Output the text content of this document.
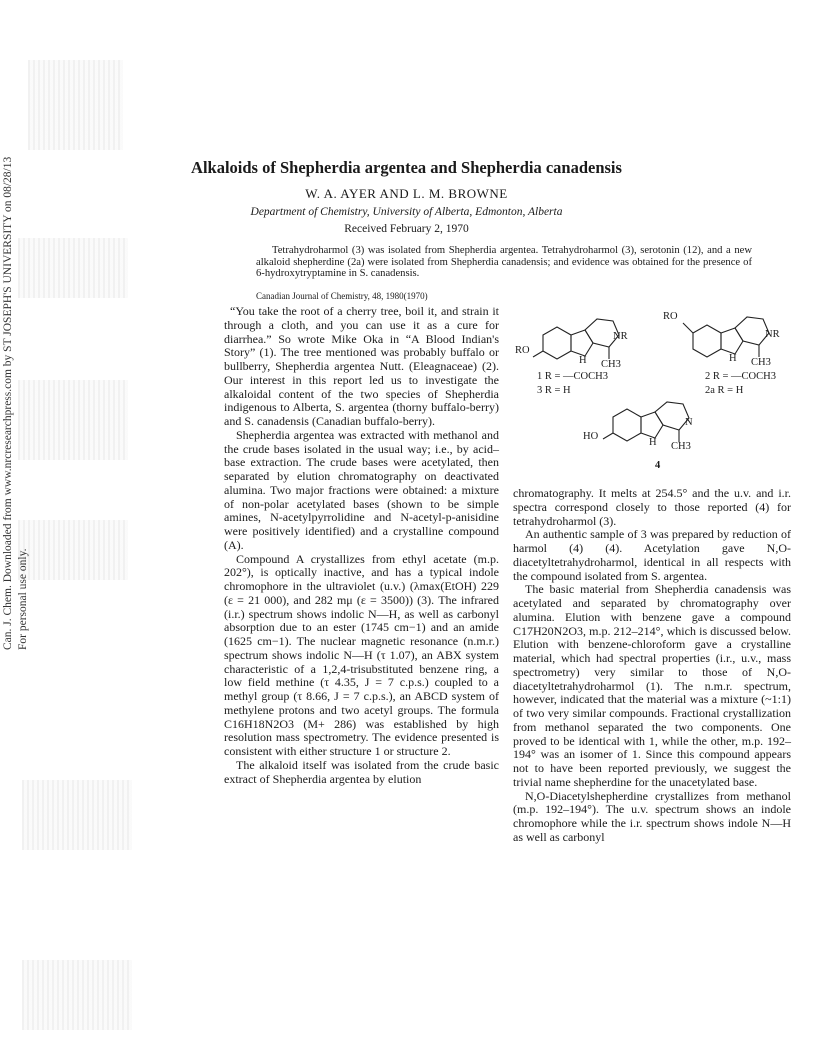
Can. J. Chem. Downloaded from www.nrcresearchpress.com by ST JOSEPH'S UNIVERSITY on 08/28/13 For personal use only.
Alkaloids of Shepherdia argentea and Shepherdia canadensis
W. A. AYER AND L. M. BROWNE
Department of Chemistry, University of Alberta, Edmonton, Alberta
Received February 2, 1970
Tetrahydroharmol (3) was isolated from Shepherdia argentea. Tetrahydroharmol (3), serotonin (12), and a new alkaloid shepherdine (2a) were isolated from Shepherdia canadensis; and evidence was obtained for the presence of 6-hydroxytryptamine in S. canadensis.
Canadian Journal of Chemistry, 48, 1980(1970)
RO
NR
H CH3
RO
NR
H CH3
1 R = —COCH3
3 R = H
2 R = —COCH3
2a R = H
HO
N
H CH3
4

“You take the root of a cherry tree, boil it, and strain it through a cloth, and you can use it as a cure for diarrhea.” So wrote Mike Oka in “A Blood Indian's Story” (1). The tree mentioned was probably buffalo or bullberry, Shepherdia argentea Nutt. (Eleagnaceae) (2). Our interest in this report led us to investigate the alkaloidal content of the two species of Shepherdia indigenous to Alberta, S. argentea (thorny buffalo-berry) and S. canadensis (Canadian buffalo-berry).

Shepherdia argentea was extracted with methanol and the crude bases isolated in the usual way; i.e., by acid–base extraction. The crude bases were acetylated, then separated by elution chromatography on deactivated alumina. Two major fractions were obtained: a mixture of non-polar acetylated bases (shown to be simple amines, N-acetylpyrrolidine and N-acetyl-p-anisidine were positively identified) and a crystalline compound (A).

Compound A crystallizes from ethyl acetate (m.p. 202°), is optically inactive, and has a typical indole chromophore in the ultraviolet (u.v.) (λmax(EtOH) 229 (ε = 21 000), and 282 mμ (ε = 3500)) (3). The infrared (i.r.) spectrum shows indolic N—H, as well as carbonyl absorption due to an ester (1745 cm−1) and an amide (1625 cm−1). The nuclear magnetic resonance (n.m.r.) spectrum shows indolic N—H (τ 1.07), an ABX system characteristic of a 1,2,4-trisubstituted benzene ring, a low field methine (τ 4.35, J = 7 c.p.s.) coupled to a methyl group (τ 8.66, J = 7 c.p.s.), an ABCD system of methylene protons and two acetyl groups. The formula C16H18N2O3 (M+ 286) was established by high resolution mass spectrometry. The evidence presented is consistent with either structure 1 or structure 2.

The alkaloid itself was isolated from the crude basic extract of Shepherdia argentea by elution

chromatography. It melts at 254.5° and the u.v. and i.r. spectra correspond closely to those reported (4) for tetrahydroharmol (3).

An authentic sample of 3 was prepared by reduction of harmol (4) (4). Acetylation gave N,O-diacetyltetrahydroharmol, identical in all respects with the compound isolated from S. argentea.

The basic material from Shepherdia canadensis was acetylated and separated by chromatography over alumina. Elution with benzene gave a compound C17H20N2O3, m.p. 212–214°, which is discussed below. Elution with benzene-chloroform gave a crystalline material, which had spectral properties (i.r., u.v., mass spectrometry) very similar to those of N,O-diacetyltetrahydroharmol (1). The n.m.r. spectrum, however, indicated that the material was a mixture (~1:1) of two very similar compounds. Fractional crystallization from methanol separated the two components. One proved to be identical with 1, while the other, m.p. 192–194° was an isomer of 1. Since this compound appears not to have been reported previously, we suggest the trivial name shepherdine for the unacetylated base.

N,O-Diacetylshepherdine crystallizes from methanol (m.p. 192–194°). The u.v. spectrum shows an indole chromophore while the i.r. spectrum shows indole N—H as well as carbonyl
